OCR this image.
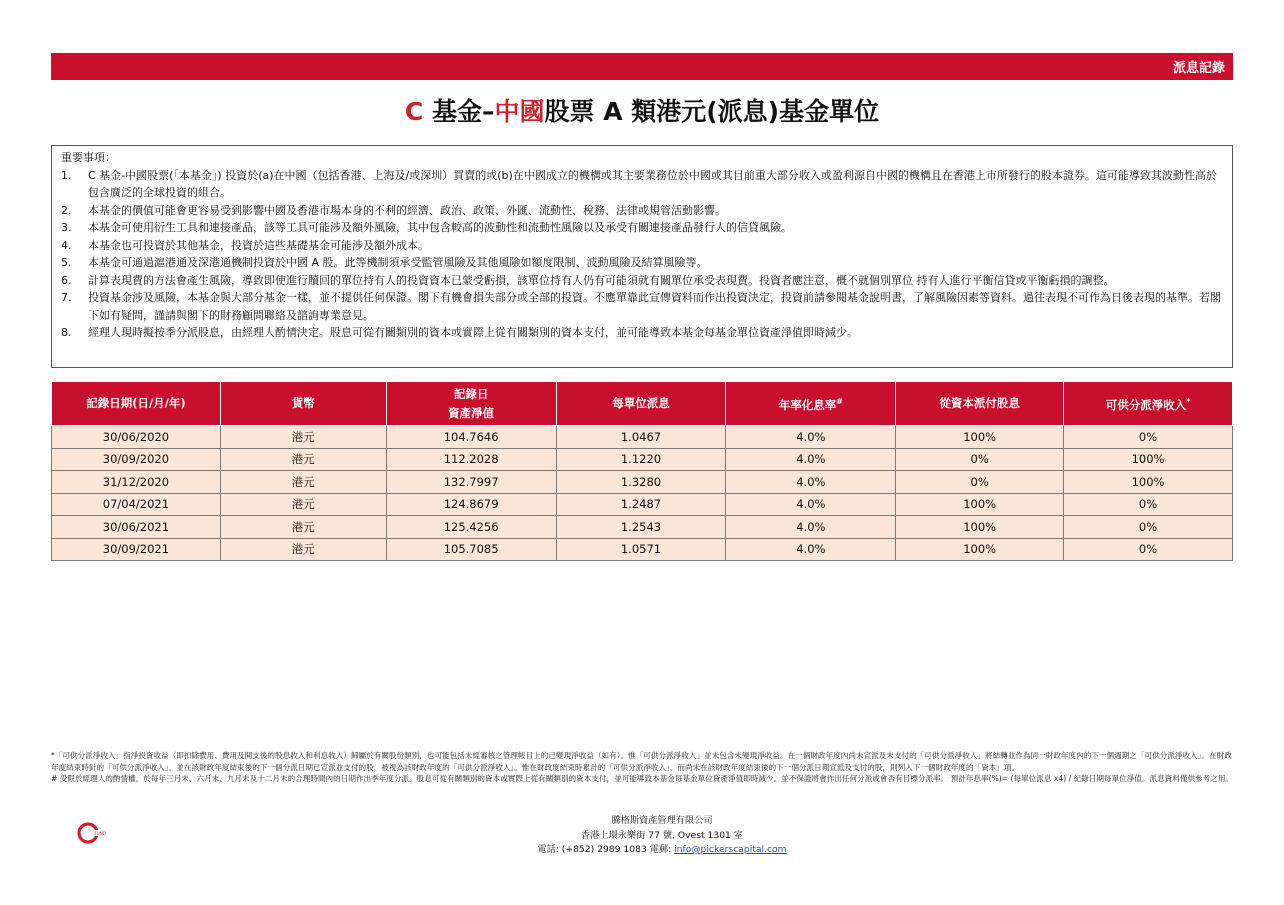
派息記錄
C 基金–中國股票 A 類港元(派息)基金單位
重要事項：
1.	C 基金-中國股票(「本基金」) 投資於(a)在中國（包括香港、上海及/或深圳）買賣的或(b)在中國成立的機構或其主要業務位於中國或其目前重大部分收入或盈利源自中國的機構且在香港上市所發行的股本證券。這可能導致其波動性高於包含廣泛的全球投資的組合。
2.	本基金的價值可能會更容易受到影響中國及香港市場本身的不利的經濟、政治、政策、外匯、流動性、稅務、法律或規管活動影響。
3.	本基金可使用衍生工具和連接產品，該等工具可能涉及額外風險，其中包含較高的波動性和流動性風險以及承受有關連接產品發行人的信貸風險。
4.	本基金也可投資於其他基金，投資於這些基礎基金可能涉及額外成本。
5.	本基金可通過滬港通及深港通機制投資於中國 A 股。此等機制須承受監管風險及其他風險如額度限制、波動風險及結算風險等。
6.	計算表現費的方法會產生風險，導致即使進行贖回的單位持有人的投資資本已蒙受虧損，該單位持有人仍有可能須就有關單位承受表現費。投資者應注意，概不就個別單位 持有人進行平衡信貸或平衡虧損的調整。
7.	投資基金涉及風險，本基金與大部分基金一樣，並不提供任何保證。閣下有機會損失部分或全部的投資。不應單靠此宣傳資料而作出投資決定，投資前請參閱基金說明書，了解風險因素等資料。過往表現不可作為日後表現的基準。若閣下如有疑問，謹請與閣下的財務顧問聯絡及諮詢專業意見。
8.	經理人現時擬按季分派股息，由經理人酌情決定。股息可從有關類別的資本或實際上從有關類別的資本支付，並可能導致本基金每基金單位資產淨值即時減少。
記錄日期(日/月/年)	貨幣	記錄日
資產淨值	每單位派息	年率化息率#	從資本派付股息	可供分派淨收入*
30/06/2020	港元	104.7646	1.0467	4.0%	100%	0%
30/09/2020	港元	112.2028	1.1220	4.0%	0%	100%
31/12/2020	港元	132.7997	1.3280	4.0%	0%	100%
07/04/2021	港元	124.8679	1.2487	4.0%	100%	0%
30/06/2021	港元	125.4256	1.2543	4.0%	100%	0%
30/09/2021	港元	105.7085	1.0571	4.0%	100%	0%
*「可供分派淨收入」指淨投資收益（即扣除費用、費用及開支後的股息收入和利息收入）歸屬於有關股份類別，也可能包括未經審核之管理帳目上的已變現淨收益（如有）。惟「可供分派淨收入」並未包含未變現淨收益。在一個財政年度內尚未宣派及未支付的「可供分派淨收入」將結轉並作為同一財政年度內的下一個週期之「可供分派淨收入」。在財政年度結束時針的「可供分派淨收入」，並在該財政年度結束後的下一個分派日期已宣派並支付的股，被視為該財政年度的「可供分派淨收入」。惟在財政度結束時累計的「可供分派淨收入」，而尚未在該財政年度結束後的下一個分派日期宣派及支付的股，則列入下一個財政年度的「資本」項。
# 受限於經理人的酌情權，於每年三月末、六月末、九月末及十二月末的合理時間內的日期作出季年度分派。股息可從有關類別的資本或實際上從有關類別的資本支付，並可能導致本基金每基金單位資產淨值即時減少。並不保證將會作出任何分派或會否有目標分派率。 預計年息率(%)= (每單位派息 x4) / 紀錄日期每單位淨值。派息資料僅供參考之用。
FUND
騰格斯資產管理有限公司
香港上環永樂街 77 號, Ovest 1301 室
電話: (+852) 2989 1083 電郵: info@pickerscapital.com
